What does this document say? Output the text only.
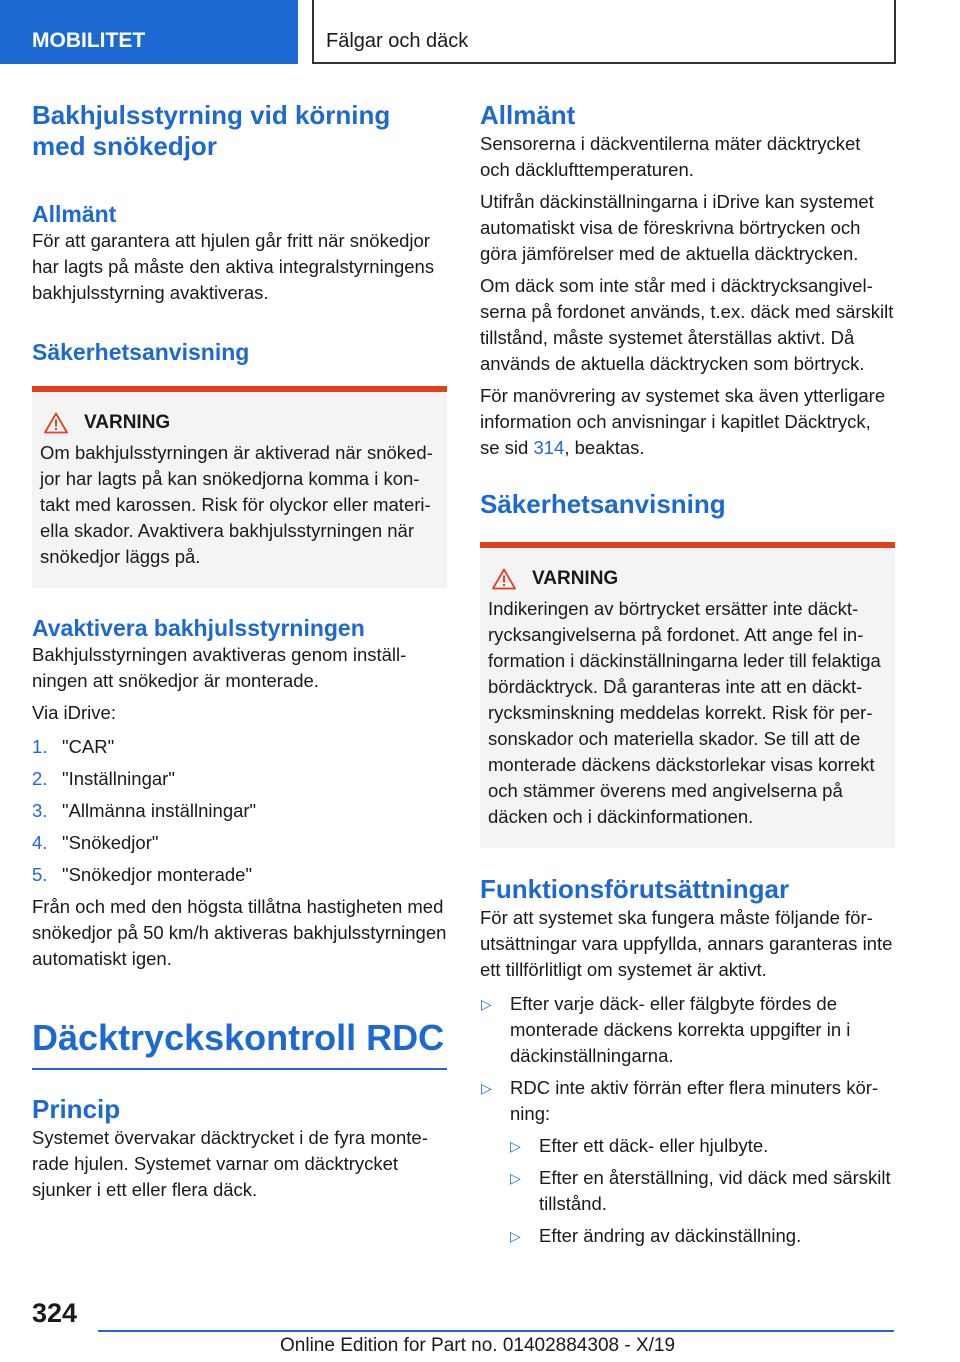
MOBILITET	Fälgar och däck
Bakhjulsstyrning vid körning med snökedjor
Allmänt

För att garantera att hjulen går fritt när snökedjor har lagts på måste den aktiva integralstyrningens bakhjulsstyrning avaktiveras.

Säkerhetsanvisning
VARNING

Om bakhjulsstyrningen är aktiverad när snökedjor har lagts på kan snökedjorna komma i kontakt med karossen. Risk för olyckor eller materiella skador. Avaktivera bakhjulsstyrningen när snökedjor läggs på.

Avaktivera bakhjulsstyrningen

Bakhjulsstyrningen avaktiveras genom inställningen att snökedjor är monterade.

Via iDrive:

1. "CAR"
2. "Inställningar"
3. "Allmänna inställningar"
4. "Snökedjor"
5. "Snökedjor monterade"

Från och med den högsta tillåtna hastigheten med snökedjor på 50 km/h aktiveras bakhjulsstyrningen automatiskt igen.

Däcktryckskontroll RDC
Princip

Systemet övervakar däcktrycket i de fyra monterade hjulen. Systemet varnar om däcktrycket sjunker i ett eller flera däck.

Allmänt

Sensorerna i däckventilerna mäter däcktrycket och däcklufttemperaturen.

Utifrån däckinställningarna i iDrive kan systemet automatiskt visa de föreskrivna börtrycken och göra jämförelser med de aktuella däcktrycken.

Om däck som inte står med i däcktrycksangivelserna på fordonet används, t.ex. däck med särskilt tillstånd, måste systemet återställas aktivt. Då används de aktuella däcktrycken som börtryck.

För manövrering av systemet ska även ytterligare information och anvisningar i kapitlet Däcktryck, se sid 314, beaktas.

Säkerhetsanvisning
VARNING

Indikeringen av börtrycket ersätter inte däcktrycksangivelserna på fordonet. Att ange fel information i däckinställningarna leder till felaktiga bördäcktryck. Då garanteras inte att en däcktrycksminskning meddelas korrekt. Risk för personskador och materiella skador. Se till att de monterade däckens däckstorlekar visas korrekt och stämmer överens med angivelserna på däcken och i däckinformationen.

Funktionsförutsättningar

För att systemet ska fungera måste följande förutsättningar vara uppfyllda, annars garanteras inte ett tillförlitligt om systemet är aktivt.

▷ Efter varje däck- eller fälgbyte fördes de monterade däckens korrekta uppgifter in i däckinställningarna.
▷ RDC inte aktiv förrän efter flera minuters körning:
▷ Efter ett däck- eller hjulbyte.
▷ Efter en återställning, vid däck med särskilt tillstånd.
▷ Efter ändring av däckinställning.
324
Online Edition for Part no. 01402884308 - X/19
